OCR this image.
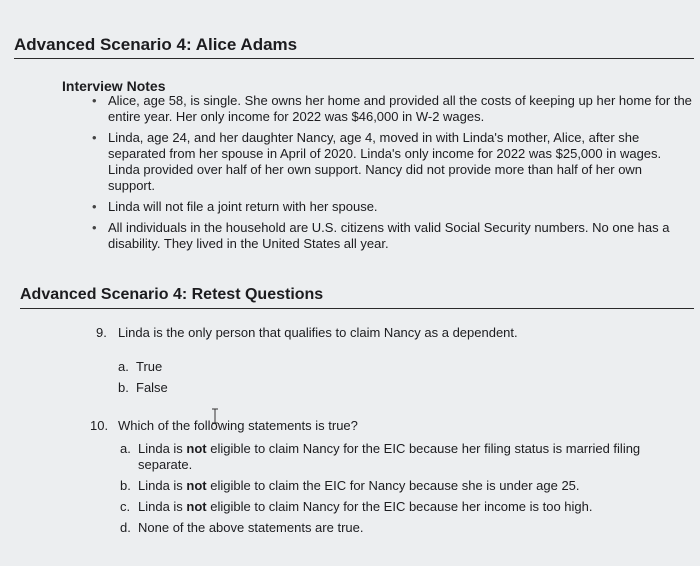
Advanced Scenario 4: Alice Adams
Interview Notes
• Alice, age 58, is single. She owns her home and provided all the costs of keeping up her home for the entire year. Her only income for 2022 was $46,000 in W-2 wages.
• Linda, age 24, and her daughter Nancy, age 4, moved in with Linda's mother, Alice, after she separated from her spouse in April of 2020. Linda's only income for 2022 was $25,000 in wages. Linda provided over half of her own support. Nancy did not provide more than half of her own support.
• Linda will not file a joint return with her spouse.
• All individuals in the household are U.S. citizens with valid Social Security numbers. No one has a disability. They lived in the United States all year.
Advanced Scenario 4: Retest Questions
9. Linda is the only person that qualifies to claim Nancy as a dependent.
a. True
b. False
10. Which of the following statements is true?
a. Linda is not eligible to claim Nancy for the EIC because her filing status is married filing separate.
b. Linda is not eligible to claim the EIC for Nancy because she is under age 25.
c. Linda is not eligible to claim Nancy for the EIC because her income is too high.
d. None of the above statements are true.
